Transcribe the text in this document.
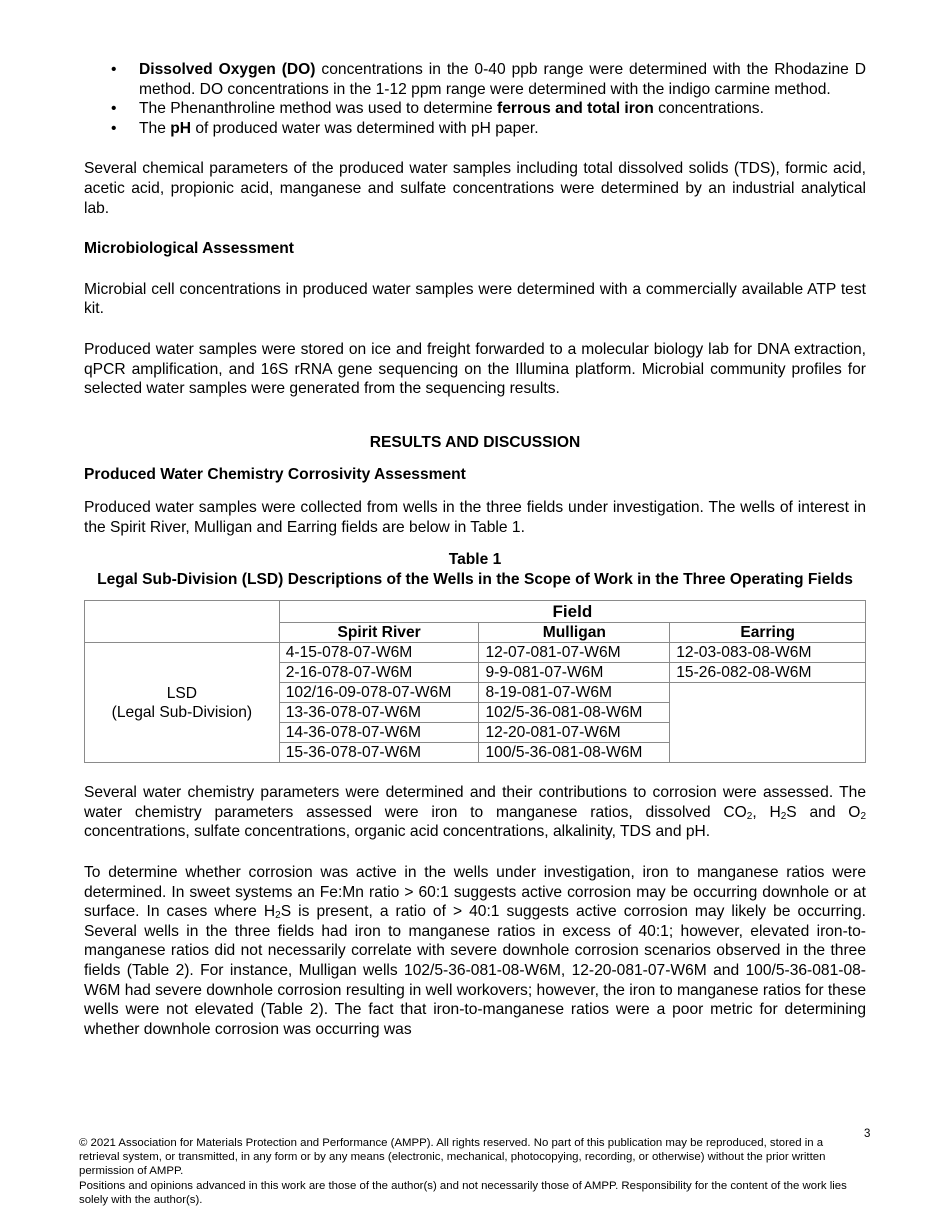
• Dissolved Oxygen (DO) concentrations in the 0-40 ppb range were determined with the Rhodazine D method. DO concentrations in the 1-12 ppm range were determined with the indigo carmine method.
• The Phenanthroline method was used to determine ferrous and total iron concentrations.
• The pH of produced water was determined with pH paper.

Several chemical parameters of the produced water samples including total dissolved solids (TDS), formic acid, acetic acid, propionic acid, manganese and sulfate concentrations were determined by an industrial analytical lab.

Microbiological Assessment

Microbial cell concentrations in produced water samples were determined with a commercially available ATP test kit.

Produced water samples were stored on ice and freight forwarded to a molecular biology lab for DNA extraction, qPCR amplification, and 16S rRNA gene sequencing on the Illumina platform. Microbial community profiles for selected water samples were generated from the sequencing results.

RESULTS AND DISCUSSION

Produced Water Chemistry Corrosivity Assessment

Produced water samples were collected from wells in the three fields under investigation. The wells of interest in the Spirit River, Mulligan and Earring fields are below in Table 1.

Table 1
Legal Sub-Division (LSD) Descriptions of the Wells in the Scope of Work in the Three Operating Fields
	Field		
	Spirit River	Mulligan	Earring

LSD
(Legal Sub-Division)	4-15-078-07-W6M	12-07-081-07-W6M	12-03-083-08-W6M
	2-16-078-07-W6M	9-9-081-07-W6M	15-26-082-08-W6M
	102/16-09-078-07-W6M	8-19-081-07-W6M	
	13-36-078-07-W6M	102/5-36-081-08-W6M	
	14-36-078-07-W6M	12-20-081-07-W6M	
	15-36-078-07-W6M	100/5-36-081-08-W6M	

Several water chemistry parameters were determined and their contributions to corrosion were assessed. The water chemistry parameters assessed were iron to manganese ratios, dissolved $CO_2$, $H_2S$ and $O_2$ concentrations, sulfate concentrations, organic acid concentrations, alkalinity, TDS and pH.

To determine whether corrosion was active in the wells under investigation, iron to manganese ratios were determined. In sweet systems an Fe:Mn ratio > 60:1 suggests active corrosion may be occurring downhole or at surface. In cases where $H_2S$ is present, a ratio of > 40:1 suggests active corrosion may likely be occurring. Several wells in the three fields had iron to manganese ratios in excess of 40:1; however, elevated iron-to-manganese ratios did not necessarily correlate with severe downhole corrosion scenarios observed in the three fields (Table 2). For instance, Mulligan wells 102/5-36-081-08-W6M, 12-20-081-07-W6M and 100/5-36-081-08-W6M had severe downhole corrosion resulting in well workovers; however, the iron to manganese ratios for these wells were not elevated (Table 2). The fact that iron-to-manganese ratios were a poor metric for determining whether downhole corrosion was occurring was

3
© 2021 Association for Materials Protection and Performance (AMPP). All rights reserved. No part of this publication may be reproduced, stored in a retrieval system, or transmitted, in any form or by any means (electronic, mechanical, photocopying, recording, or otherwise) without the prior written permission of AMPP.
Positions and opinions advanced in this work are those of the author(s) and not necessarily those of AMPP. Responsibility for the content of the work lies solely with the author(s).
